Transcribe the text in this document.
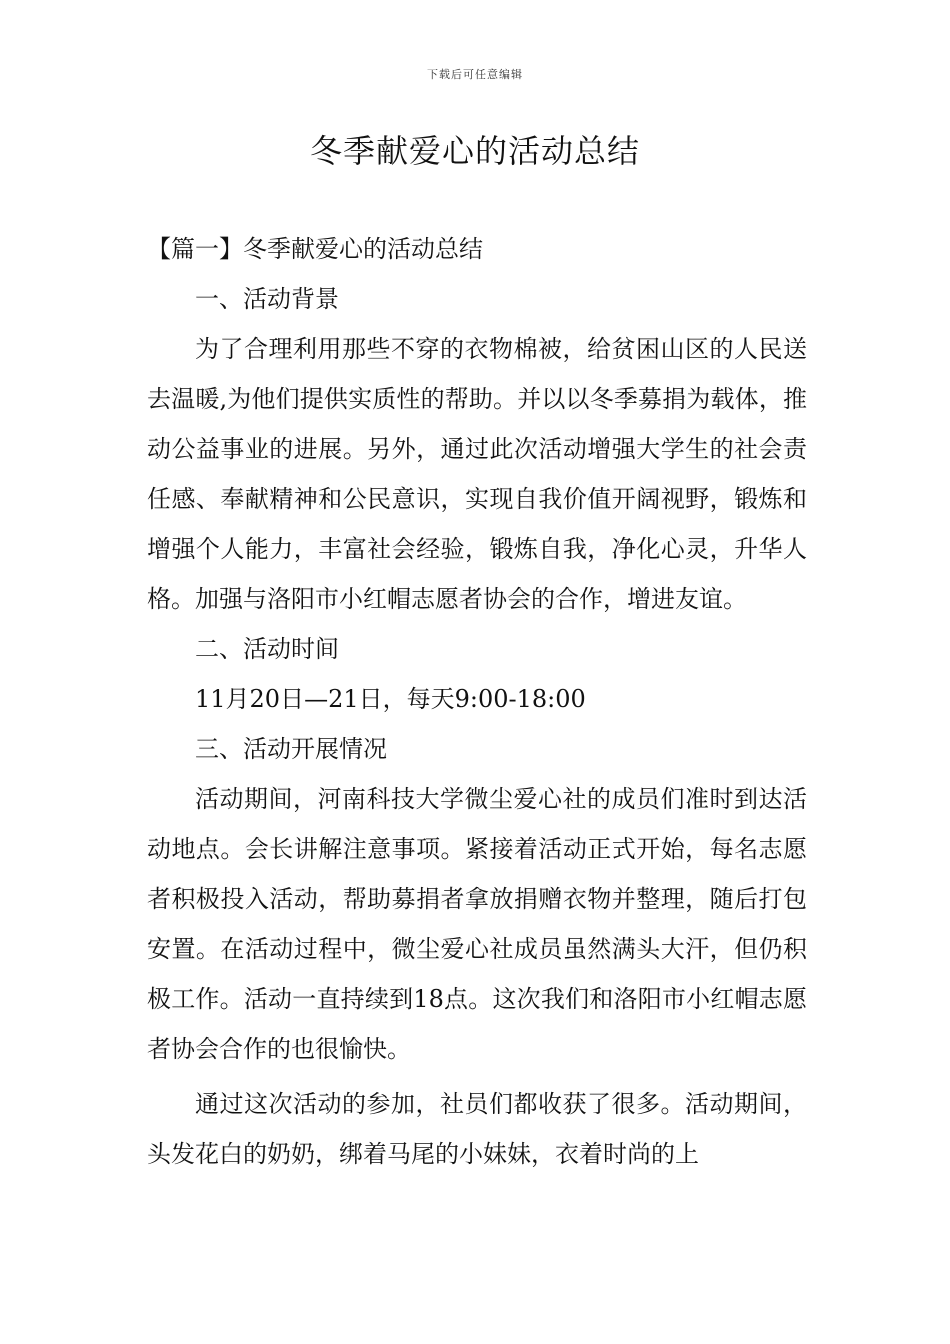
下载后可任意编辑
冬季献爱心的活动总结

【篇一】冬季献爱心的活动总结

一、活动背景

为了合理利用那些不穿的衣物棉被，给贫困山区的人民送去温暖,为他们提供实质性的帮助。并以以冬季募捐为载体，推动公益事业的进展。另外，通过此次活动增强大学生的社会责任感、奉献精神和公民意识，实现自我价值开阔视野，锻炼和增强个人能力，丰富社会经验，锻炼自我，净化心灵，升华人格。加强与洛阳市小红帽志愿者协会的合作，增进友谊。

二、活动时间

11月20日—21日，每天9:00-18:00

三、活动开展情况

活动期间，河南科技大学微尘爱心社的成员们准时到达活动地点。会长讲解注意事项。紧接着活动正式开始，每名志愿者积极投入活动，帮助募捐者拿放捐赠衣物并整理，随后打包安置。在活动过程中，微尘爱心社成员虽然满头大汗，但仍积极工作。活动一直持续到18点。这次我们和洛阳市小红帽志愿者协会合作的也很愉快。

通过这次活动的参加，社员们都收获了很多。活动期间，头发花白的奶奶，绑着马尾的小妹妹，衣着时尚的上
